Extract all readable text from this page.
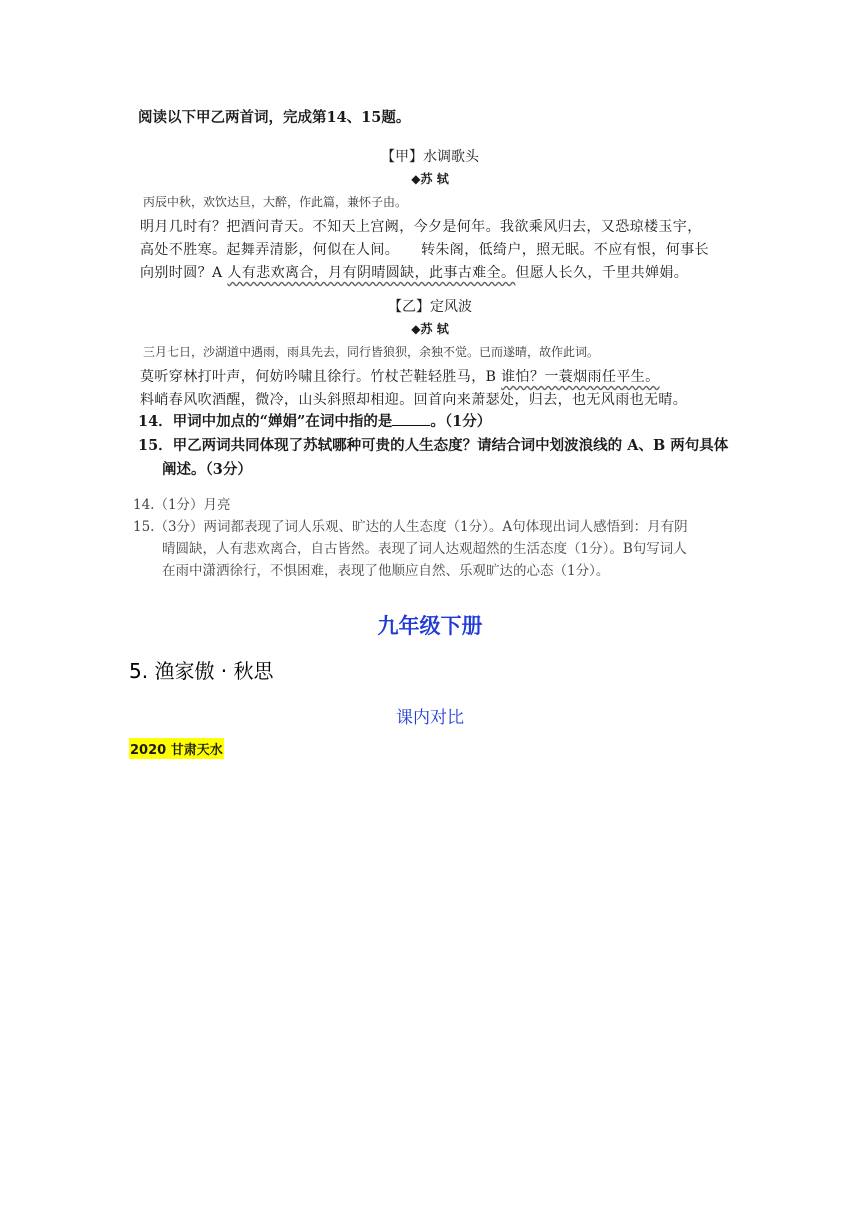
阅读以下甲乙两首词，完成第14、15题。
【甲】水调歌头
◆苏 轼
丙辰中秋，欢饮达旦，大醉，作此篇，兼怀子由。
明月几时有？把酒问青天。不知天上宫阙，今夕是何年。我欲乘风归去，又恐琼楼玉宇，
高处不胜寒。起舞弄清影，何似在人间。　　转朱阁，低绮户，照无眠。不应有恨，何事长
向别时圆？A 人有悲欢离合，月有阴晴圆缺，此事古难全。但愿人长久，千里共婵娟。
【乙】定风波
◆苏 轼
三月七日，沙湖道中遇雨，雨具先去，同行皆狼狈，余独不觉。已而遂晴，故作此词。
莫听穿林打叶声，何妨吟啸且徐行。竹杖芒鞋轻胜马，B 谁怕？一蓑烟雨任平生。
料峭春风吹酒醒，微冷，山头斜照却相迎。回首向来萧瑟处，归去，也无风雨也无晴。
14．甲词中加点的“婵娟”在词中指的是	。（1分）
15．甲乙两词共同体现了苏轼哪种可贵的人生态度？请结合词中划波浪线的 A、B 两句具体
阐述。（3分）
14.（1分）月亮
15.（3分）两词都表现了词人乐观、旷达的人生态度（1分）。A句体现出词人感悟到：月有阴
晴圆缺，人有悲欢离合，自古皆然。表现了词人达观超然的生活态度（1分）。B句写词人
在雨中潇洒徐行，不惧困难，表现了他顺应自然、乐观旷达的心态（1分）。
九年级下册
5. 渔家傲 · 秋思
课内对比
2020 甘肃天水
